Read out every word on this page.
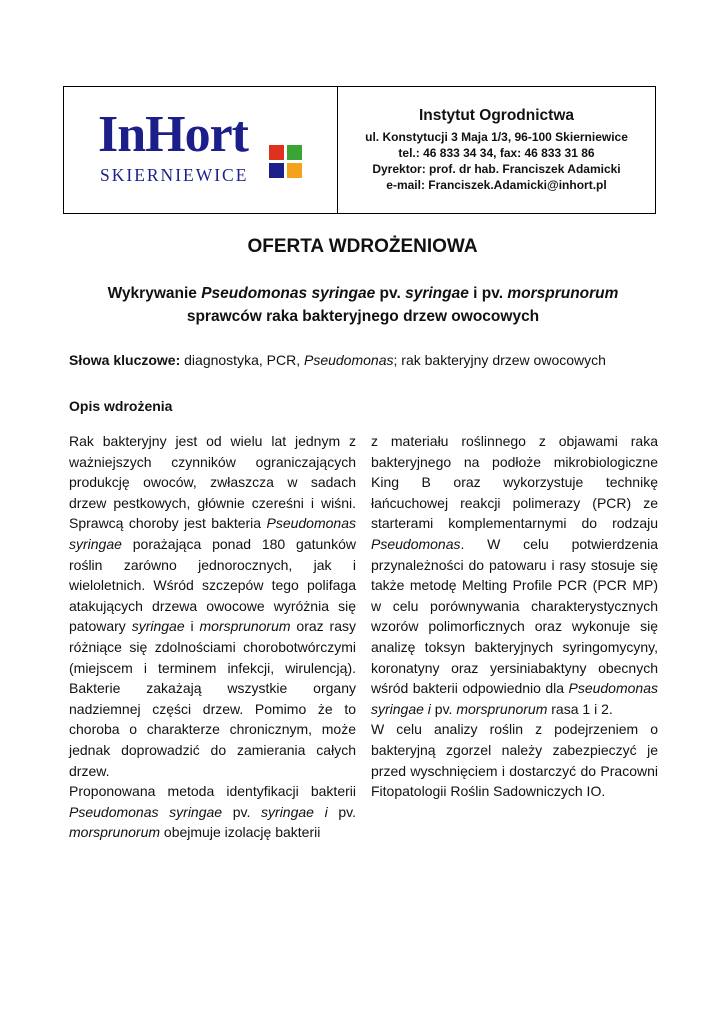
InHort
SKIERNIEWICE
Instytut Ogrodnictwa
ul. Konstytucji 3 Maja 1/3, 96-100 Skierniewice
tel.: 46 833 34 34, fax: 46 833 31 86
Dyrektor: prof. dr hab. Franciszek Adamicki
e-mail: Franciszek.Adamicki@inhort.pl
OFERTA WDROŻENIOWA
Wykrywanie Pseudomonas syringae pv. syringae i pv. morsprunorum
sprawców raka bakteryjnego drzew owocowych
Słowa kluczowe: diagnostyka, PCR, Pseudomonas; rak bakteryjny drzew owocowych
Opis wdrożenia

Rak bakteryjny jest od wielu lat jednym z ważniejszych czynników ograniczających produkcję owoców, zwłaszcza w sadach drzew pestkowych, głównie czereśni i wiśni. Sprawcą choroby jest bakteria Pseudomonas syringae porażająca ponad 180 gatunków roślin zarówno jednorocznych, jak i wieloletnich. Wśród szczepów tego polifaga atakujących drzewa owocowe wyróżnia się patowary syringae i morsprunorum oraz rasy różniące się zdolnościami chorobotwórczymi (miejscem i terminem infekcji, wirulencją). Bakterie zakażają wszystkie organy nadziemnej części drzew. Pomimo że to choroba o charakterze chronicznym, może jednak doprowadzić do zamierania całych drzew.

Proponowana metoda identyfikacji bakterii Pseudomonas syringae pv. syringae i pv. morsprunorum obejmuje izolację bakterii

z materiału roślinnego z objawami raka bakteryjnego na podłoże mikrobiologiczne King B oraz wykorzystuje technikę łańcuchowej reakcji polimerazy (PCR) ze starterami komplementarnymi do rodzaju Pseudomonas. W celu potwierdzenia przynależności do patowaru i rasy stosuje się także metodę Melting Profile PCR (PCR MP) w celu porównywania charakterystycznych wzorów polimorficznych oraz wykonuje się analizę toksyn bakteryjnych syringomycyny, koronatyny oraz yersiniabaktyny obecnych wśród bakterii odpowiednio dla Pseudomonas syringae i pv. morsprunorum rasa 1 i 2.

W celu analizy roślin z podejrzeniem o bakteryjną zgorzel należy zabezpieczyć je przed wyschnięciem i dostarczyć do Pracowni Fitopatologii Roślin Sadowniczych IO.
